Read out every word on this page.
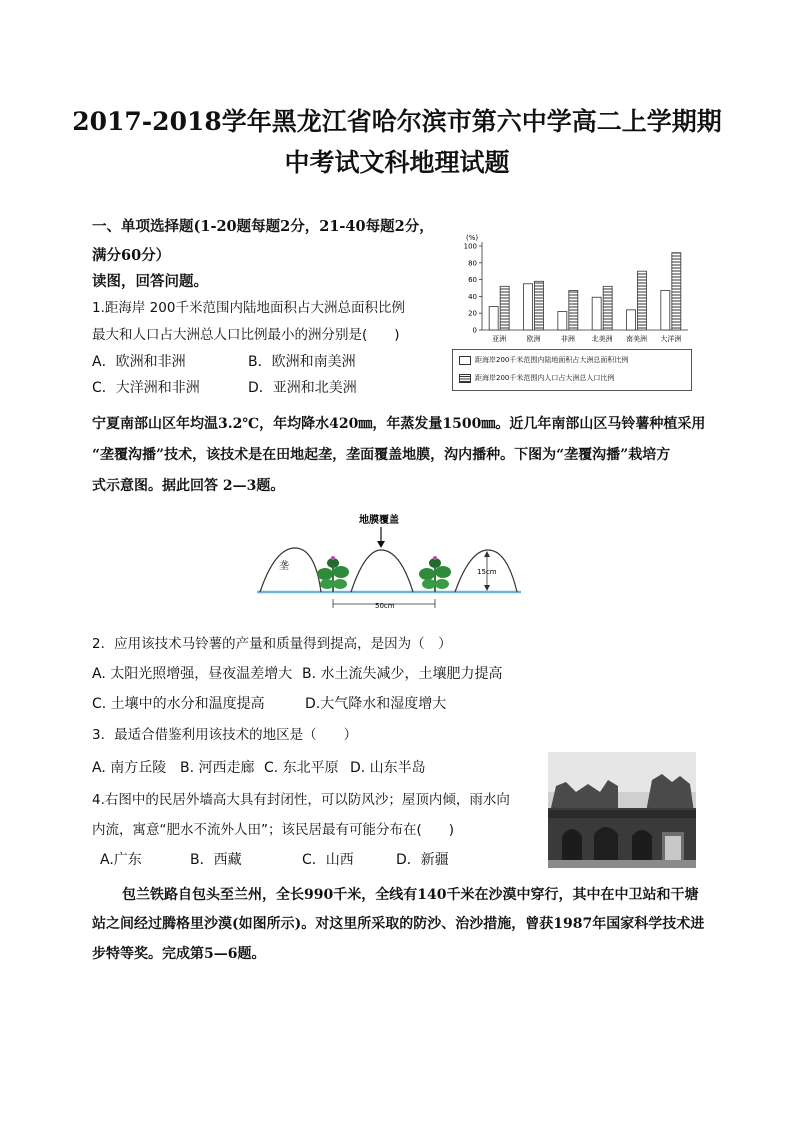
2017-2018学年黑龙江省哈尔滨市第六中学高二上学期期
中考试文科地理试题
一、单项选择题(1-20题每题2分，21-40每题2分，
满分60分）
读图，回答问题。
1.距海岸 200千米范围内陆地面积占大洲总面积比例
最大和人口占大洲总人口比例最小的洲分别是(　　)
A．欧洲和非洲	B．欧洲和南美洲
C．大洋洲和非洲	D．亚洲和北美洲
(%)
0
20
40
60
80
100
亚洲	欧洲	非洲 北美洲 南美洲 大洋洲
距海岸200千米范围内陆地面积占大洲总面积比例
距海岸200千米范围内人口占大洲总人口比例
宁夏南部山区年均温3.2℃，年均降水420㎜，年蒸发量1500㎜。近几年南部山区马铃薯种植采用
“垄覆沟播”技术，该技术是在田地起垄，垄面覆盖地膜，沟内播种。下图为“垄覆沟播”栽培方
式示意图。据此回答 2—3题。
地膜覆盖
垄
50cm
15cm
2．应用该技术马铃薯的产量和质量得到提高，是因为（　）
A. 太阳光照增强，昼夜温差增大 B. 水土流失减少，土壤肥力提高
C. 土壤中的水分和温度提高	D.大气降水和湿度增大
3．最适合借鉴利用该技术的地区是（　　）
A. 南方丘陵 B. 河西走廊 C. 东北平原 D. 山东半岛
4.右图中的民居外墙高大具有封闭性，可以防风沙；屋顶内倾，雨水向
内流，寓意“肥水不流外人田”；该民居最有可能分布在(　　)
A.广东	B．西藏	C．山西	D．新疆
包兰铁路自包头至兰州，全长990千米，全线有140千米在沙漠中穿行，其中在中卫站和干塘
站之间经过腾格里沙漠(如图所示)。对这里所采取的防沙、治沙措施，曾获1987年国家科学技术进
步特等奖。完成第5—6题。
